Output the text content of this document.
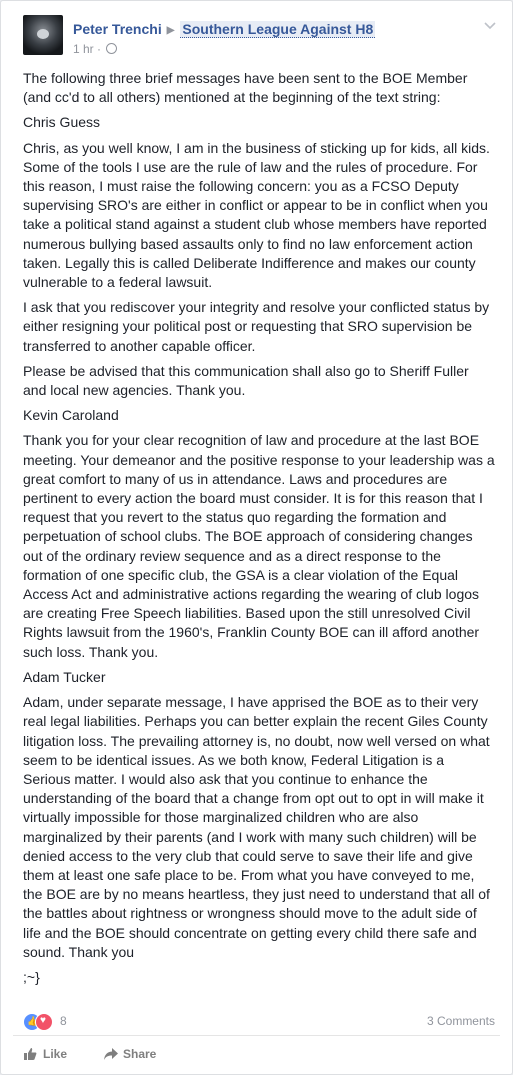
Peter Trenchi ▶ Southern League Against H8
1 hr ·

The following three brief messages have been sent to the BOE Member (and cc'd to all others) mentioned at the beginning of the text string:

Chris Guess

Chris, as you well know, I am in the business of sticking up for kids, all kids. Some of the tools I use are the rule of law and the rules of procedure. For this reason, I must raise the following concern: you as a FCSO Deputy supervising SRO's are either in conflict or appear to be in conflict when you take a political stand against a student club whose members have reported numerous bullying based assaults only to find no law enforcement action taken. Legally this is called Deliberate Indifference and makes our county vulnerable to a federal lawsuit.

I ask that you rediscover your integrity and resolve your conflicted status by either resigning your political post or requesting that SRO supervision be transferred to another capable officer.

Please be advised that this communication shall also go to Sheriff Fuller and local new agencies. Thank you.

Kevin Caroland

Thank you for your clear recognition of law and procedure at the last BOE meeting. Your demeanor and the positive response to your leadership was a great comfort to many of us in attendance. Laws and procedures are pertinent to every action the board must consider. It is for this reason that I request that you revert to the status quo regarding the formation and perpetuation of school clubs. The BOE approach of considering changes out of the ordinary review sequence and as a direct response to the formation of one specific club, the GSA is a clear violation of the Equal Access Act and administrative actions regarding the wearing of club logos are creating Free Speech liabilities. Based upon the still unresolved Civil Rights lawsuit from the 1960's, Franklin County BOE can ill afford another such loss. Thank you.

Adam Tucker

Adam, under separate message, I have apprised the BOE as to their very real legal liabilities. Perhaps you can better explain the recent Giles County litigation loss. The prevailing attorney is, no doubt, now well versed on what seem to be identical issues. As we both know, Federal Litigation is a Serious matter. I would also ask that you continue to enhance the understanding of the board that a change from opt out to opt in will make it virtually impossible for those marginalized children who are also marginalized by their parents (and I work with many such children) will be denied access to the very club that could serve to save their life and give them at least one safe place to be. From what you have conveyed to me, the BOE are by no means heartless, they just need to understand that all of the battles about rightness or wrongness should move to the adult side of life and the BOE should concentrate on getting every child there safe and sound. Thank you

;~}

👍
♥
8	3 Comments
Like	Share
